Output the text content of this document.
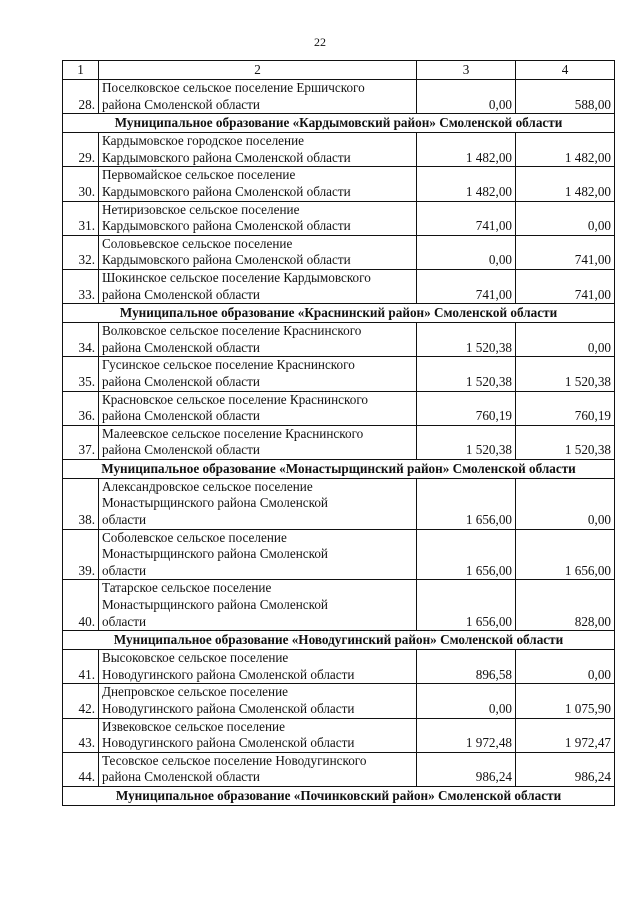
22
1	2	3	4
28.	Поселковское сельское поселение Ершичского
района Смоленской области	0,00	588,00
Муниципальное образование «Кардымовский район» Смоленской области			
29.	Кардымовское городское поселение
Кардымовского района Смоленской области	1 482,00	1 482,00
30.	Первомайское сельское поселение
Кардымовского района Смоленской области	1 482,00	1 482,00
31.	Нетиризовское сельское поселение
Кардымовского района Смоленской области	741,00	0,00
32.	Соловьевское сельское поселение
Кардымовского района Смоленской области	0,00	741,00
33.	Шокинское сельское поселение Кардымовского
района Смоленской области	741,00	741,00
Муниципальное образование «Краснинский район» Смоленской области			
34.	Волковское сельское поселение Краснинского
района Смоленской области	1 520,38	0,00
35.	Гусинское сельское поселение Краснинского
района Смоленской области	1 520,38	1 520,38
36.	Красновское сельское поселение Краснинского
района Смоленской области	760,19	760,19
37.	Малеевское сельское поселение Краснинского
района Смоленской области	1 520,38	1 520,38
Муниципальное образование «Монастырщинский район» Смоленской области			
38.	Александровское сельское поселение
Монастырщинского района Смоленской
области	1 656,00	0,00
39.	Соболевское сельское поселение
Монастырщинского района Смоленской
области	1 656,00	1 656,00
40.	Татарское сельское поселение
Монастырщинского района Смоленской
области	1 656,00	828,00
Муниципальное образование «Новодугинский район» Смоленской области			
41.	Высоковское сельское поселение
Новодугинского района Смоленской области	896,58	0,00
42.	Днепровское сельское поселение
Новодугинского района Смоленской области	0,00	1 075,90
43.	Извековское сельское поселение
Новодугинского района Смоленской области	1 972,48	1 972,47
44.	Тесовское сельское поселение Новодугинского
района Смоленской области	986,24	986,24
Муниципальное образование «Починковский район» Смоленской области			
